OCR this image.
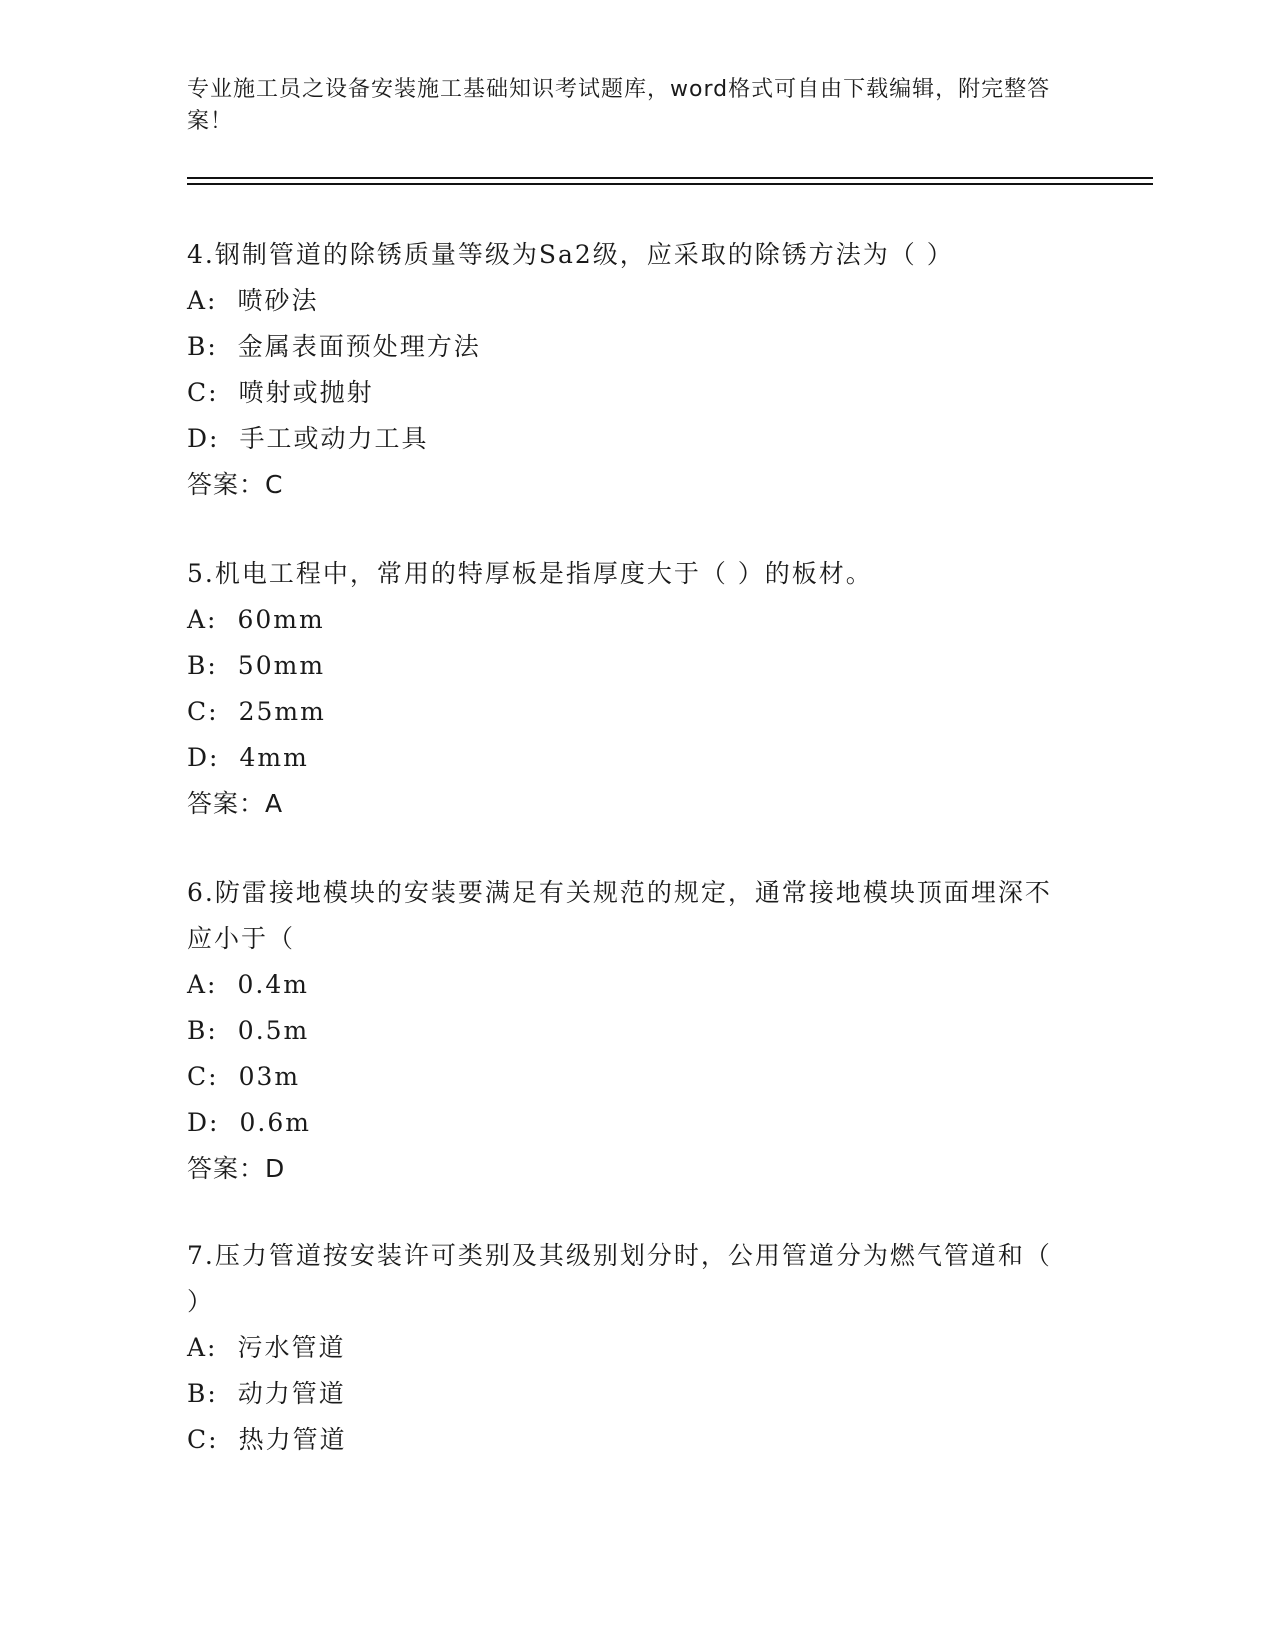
专业施工员之设备安装施工基础知识考试题库，word格式可自由下载编辑，附完整答案！

4.钢制管道的除锈质量等级为Sa2级，应采取的除锈方法为（ ）

A: 喷砂法

B: 金属表面预处理方法

C: 喷射或抛射

D: 手工或动力工具

答案：C

5.机电工程中，常用的特厚板是指厚度大于（ ）的板材。

A: 60mm

B: 50mm

C: 25mm

D: 4mm

答案：A

6.防雷接地模块的安装要满足有关规范的规定，通常接地模块顶面埋深不应小于（

A: 0.4m

B: 0.5m

C: 03m

D: 0.6m

答案：D

7.压力管道按安装许可类别及其级别划分时，公用管道分为燃气管道和（ ）

A: 污水管道

B: 动力管道

C: 热力管道
